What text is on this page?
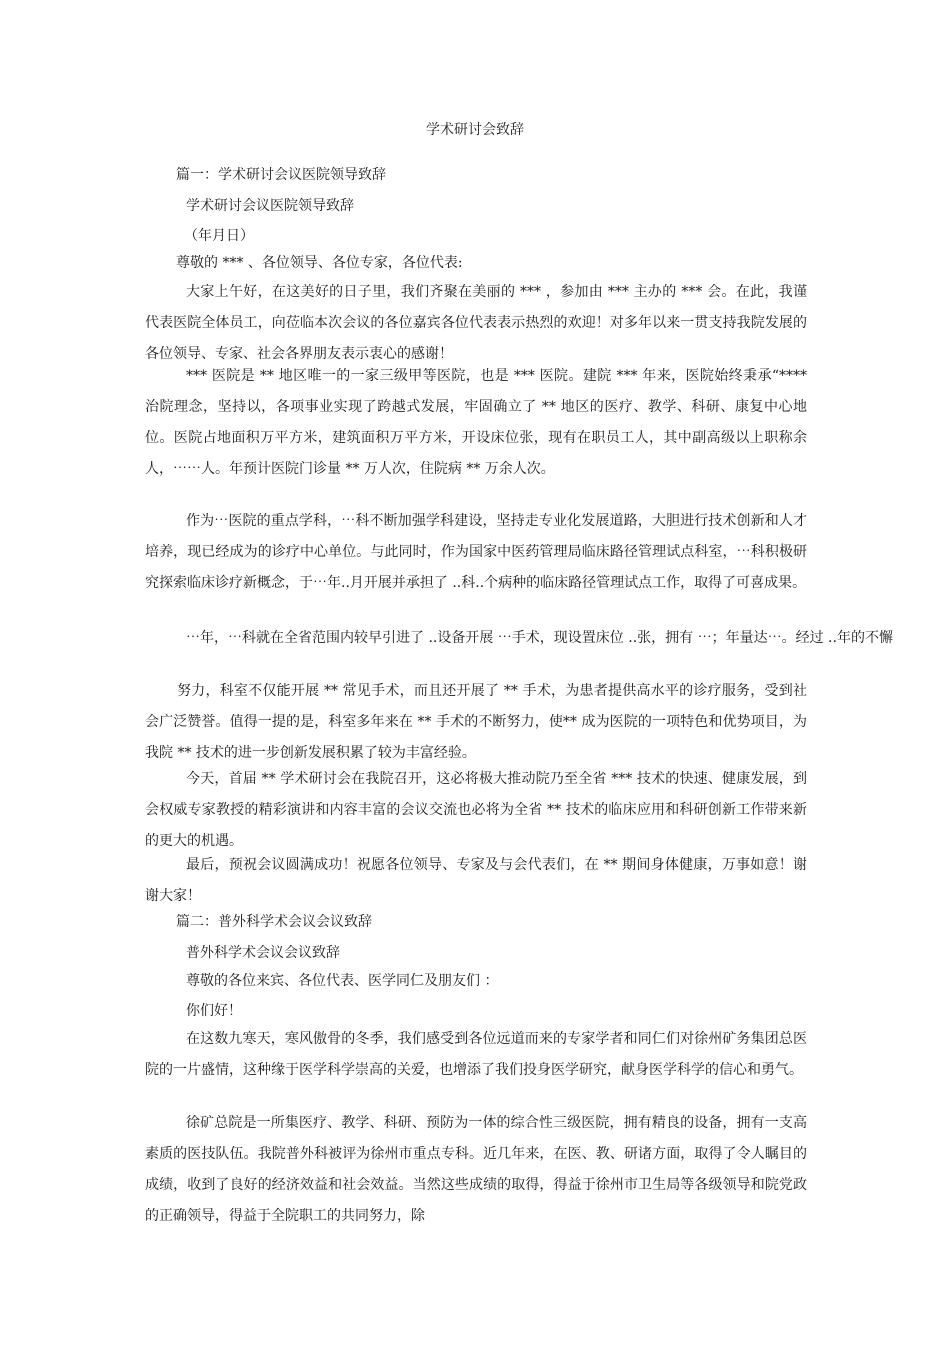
学术研讨会致辞
篇一：学术研讨会议医院领导致辞
学术研讨会议医院领导致辞
（年月日）
尊敬的 *** 、各位领导、各位专家，各位代表:

大家上午好，在这美好的日子里，我们齐聚在美丽的 *** ，参加由 *** 主办的 *** 会。在此，我谨代表医院全体员工，向莅临本次会议的各位嘉宾各位代表表示热烈的欢迎！对多年以来一贯支持我院发展的各位领导、专家、社会各界朋友表示衷心的感谢！

*** 医院是 ** 地区唯一的一家三级甲等医院，也是 *** 医院。建院 *** 年来，医院始终秉承“**** 治院理念，坚持以，各项事业实现了跨越式发展，牢固确立了 ** 地区的医疗、教学、科研、康复中心地位。医院占地面积万平方米，建筑面积万平方米，开设床位张，现有在职员工人，其中副高级以上职称余人，⋯⋯人。年预计医院门诊量 ** 万人次，住院病 ** 万余人次。

作为⋯医院的重点学科，⋯科不断加强学科建设，坚持走专业化发展道路，大胆进行技术创新和人才培养，现已经成为的诊疗中心单位。与此同时，作为国家中医药管理局临床路径管理试点科室，⋯科积极研究探索临床诊疗新概念，于⋯年..月开展并承担了 ..科..个病种的临床路径管理试点工作，取得了可喜成果。

⋯年，⋯科就在全省范围内较早引进了 ..设备开展 ⋯手术，现设置床位 ..张，拥有 ⋯；年量达⋯。经过 ..年的不懈

努力，科室不仅能开展 ** 常见手术，而且还开展了 ** 手术，为患者提供高水平的诊疗服务，受到社会广泛赞誉。值得一提的是，科室多年来在 ** 手术的不断努力，使** 成为医院的一项特色和优势项目，为我院 ** 技术的进一步创新发展积累了较为丰富经验。

今天，首届 ** 学术研讨会在我院召开，这必将极大推动院乃至全省 *** 技术的快速、健康发展，到会权威专家教授的精彩演讲和内容丰富的会议交流也必将为全省 ** 技术的临床应用和科研创新工作带来新的更大的机遇。

最后，预祝会议圆满成功！祝愿各位领导、专家及与会代表们，在 ** 期间身体健康，万事如意！谢谢大家！

篇二：普外科学术会议会议致辞
普外科学术会议会议致辞
尊敬的各位来宾、各位代表、医学同仁及朋友们 ：
你们好！

在这数九寒天，寒风傲骨的冬季，我们感受到各位远道而来的专家学者和同仁们对徐州矿务集团总医院的一片盛情，这种缘于医学科学崇高的关爱，也增添了我们投身医学研究，献身医学科学的信心和勇气。

徐矿总院是一所集医疗、教学、科研、预防为一体的综合性三级医院，拥有精良的设备，拥有一支高素质的医技队伍。我院普外科被评为徐州市重点专科。近几年来，在医、教、研诸方面，取得了令人瞩目的成绩，收到了良好的经济效益和社会效益。当然这些成绩的取得，得益于徐州市卫生局等各级领导和院党政的正确领导，得益于全院职工的共同努力，除
